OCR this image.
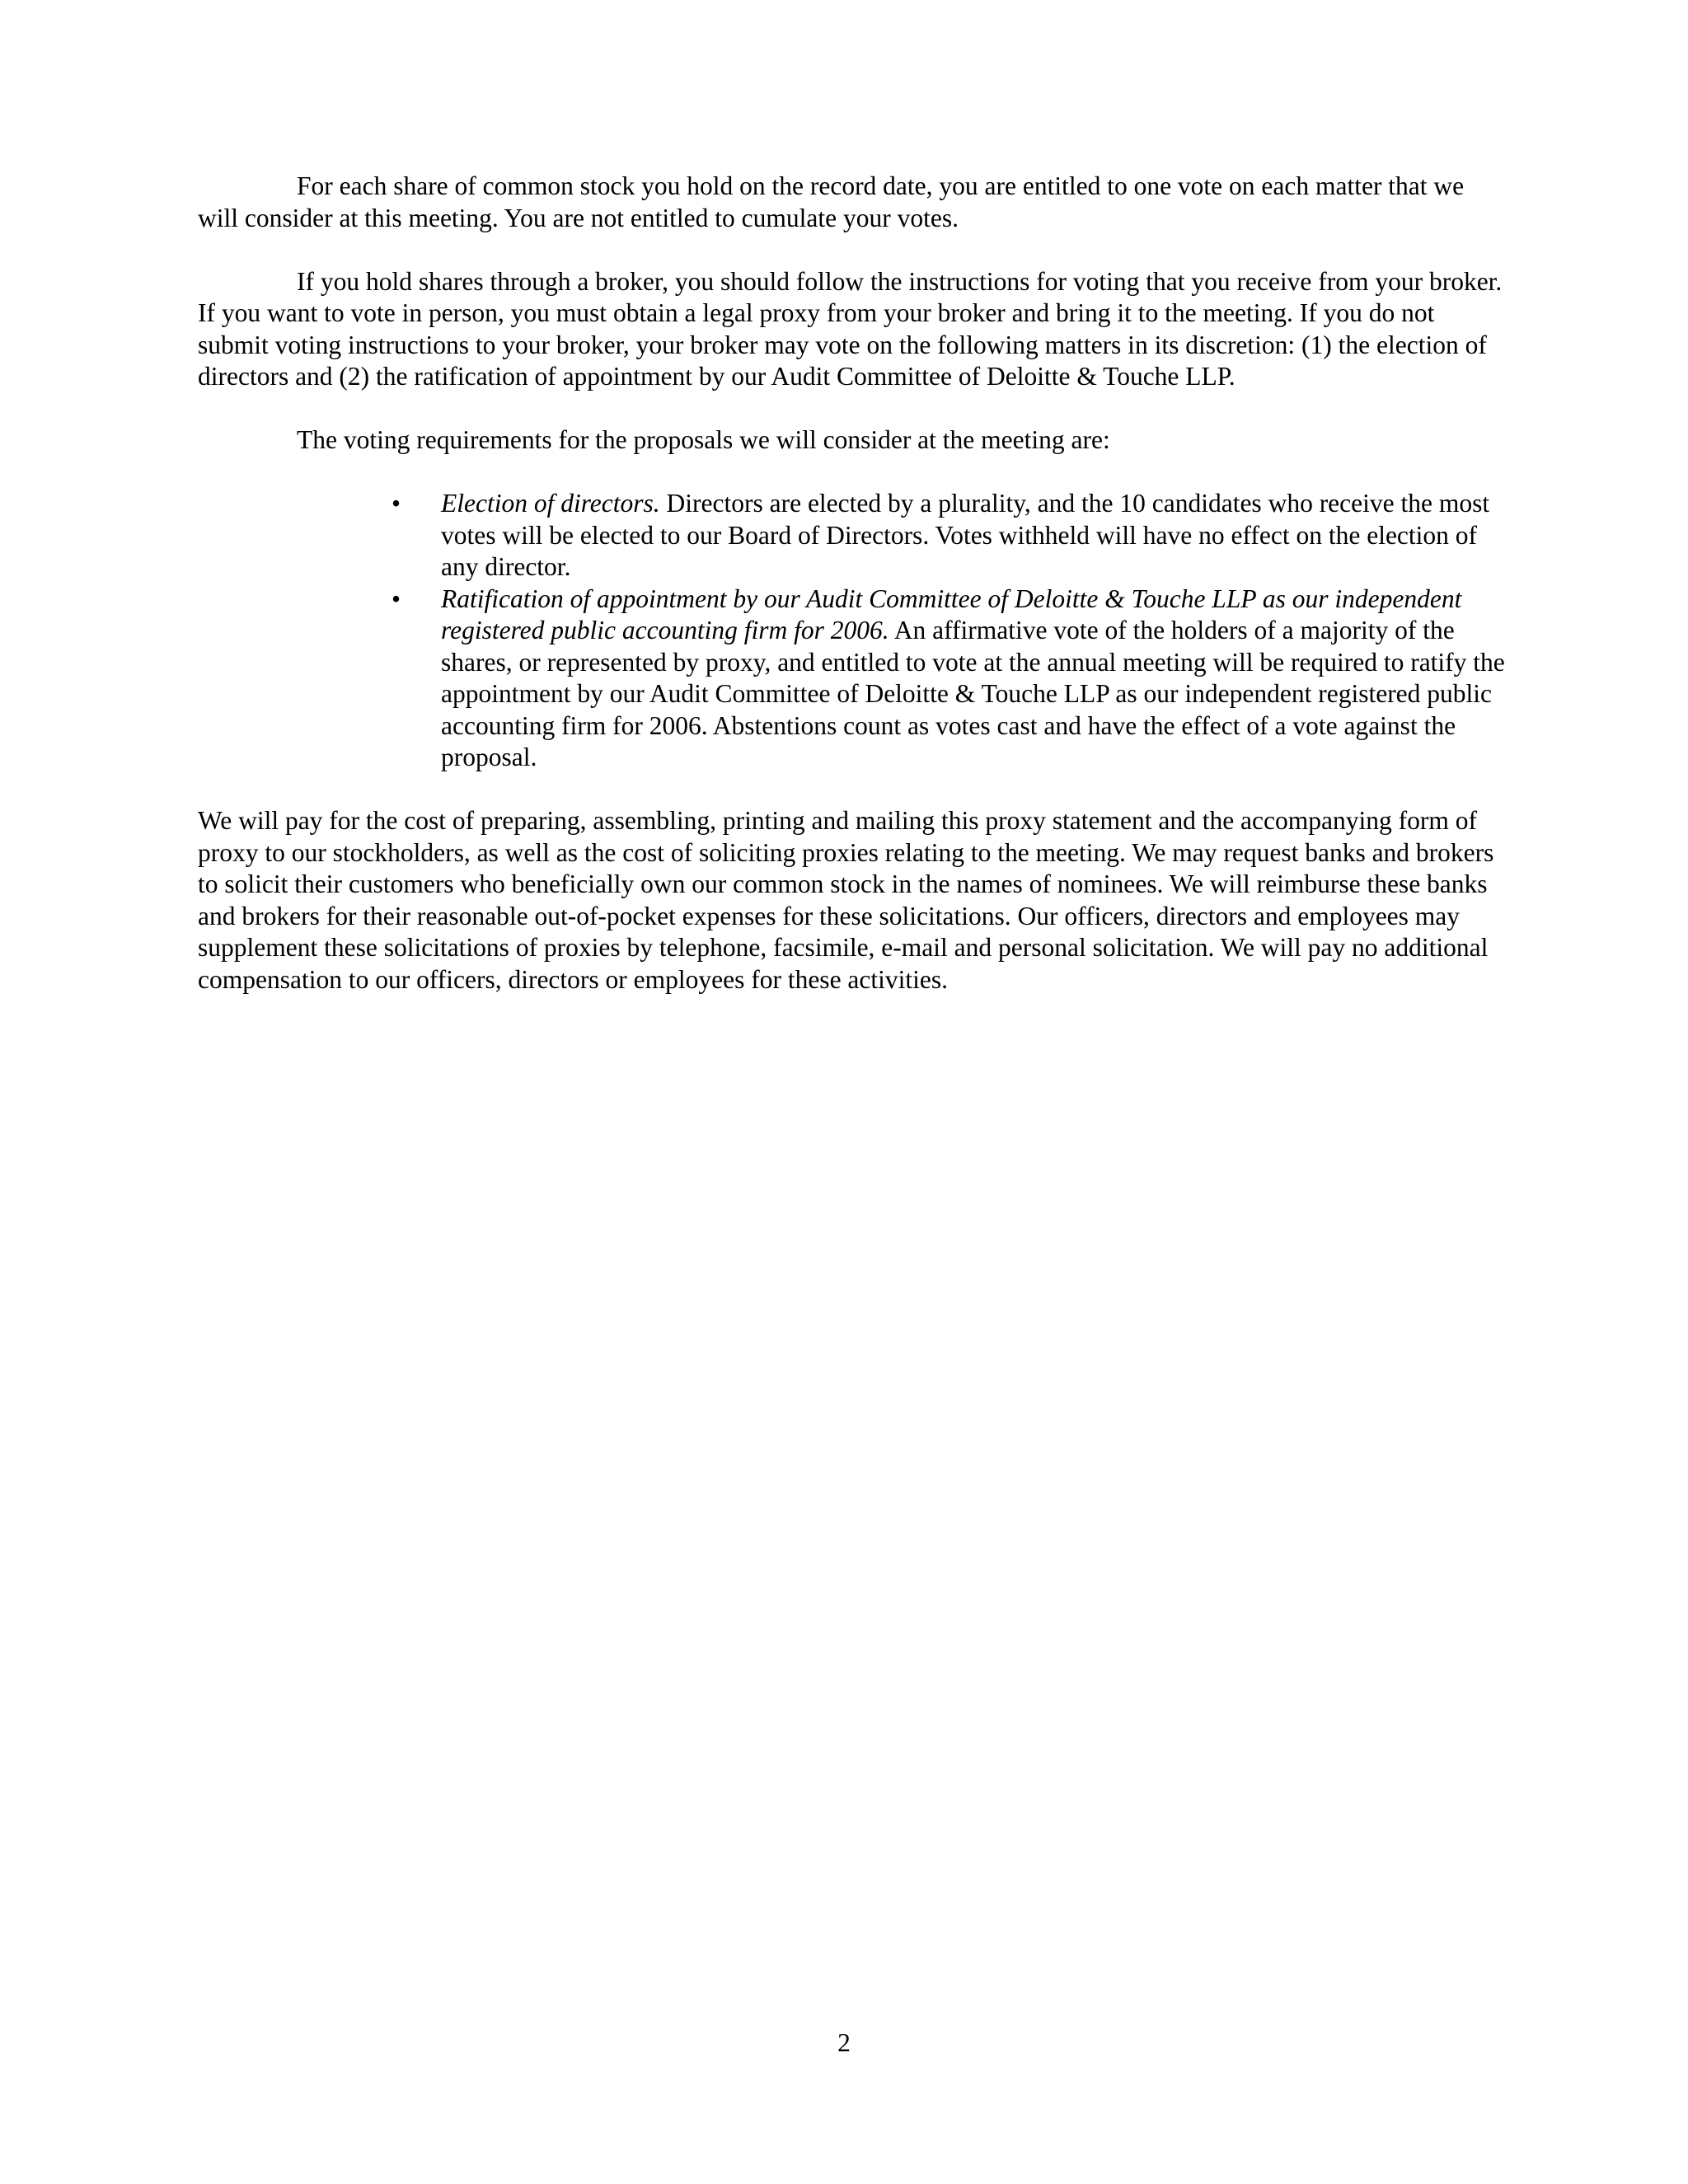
For each share of common stock you hold on the record date, you are entitled to one vote on each matter that we will consider at this meeting. You are not entitled to cumulate your votes.

If you hold shares through a broker, you should follow the instructions for voting that you receive from your broker. If you want to vote in person, you must obtain a legal proxy from your broker and bring it to the meeting. If you do not submit voting instructions to your broker, your broker may vote on the following matters in its discretion: (1) the election of directors and (2) the ratification of appointment by our Audit Committee of Deloitte & Touche LLP.

The voting requirements for the proposals we will consider at the meeting are:

• Election of directors. Directors are elected by a plurality, and the 10 candidates who receive the most votes will be elected to our Board of Directors. Votes withheld will have no effect on the election of any director.
• Ratification of appointment by our Audit Committee of Deloitte & Touche LLP as our independent registered public accounting firm for 2006. An affirmative vote of the holders of a majority of the shares, or represented by proxy, and entitled to vote at the annual meeting will be required to ratify the appointment by our Audit Committee of Deloitte & Touche LLP as our independent registered public accounting firm for 2006. Abstentions count as votes cast and have the effect of a vote against the proposal.

We will pay for the cost of preparing, assembling, printing and mailing this proxy statement and the accompanying form of proxy to our stockholders, as well as the cost of soliciting proxies relating to the meeting. We may request banks and brokers to solicit their customers who beneficially own our common stock in the names of nominees. We will reimburse these banks and brokers for their reasonable out-of-pocket expenses for these solicitations. Our officers, directors and employees may supplement these solicitations of proxies by telephone, facsimile, e-mail and personal solicitation. We will pay no additional compensation to our officers, directors or employees for these activities.

2
